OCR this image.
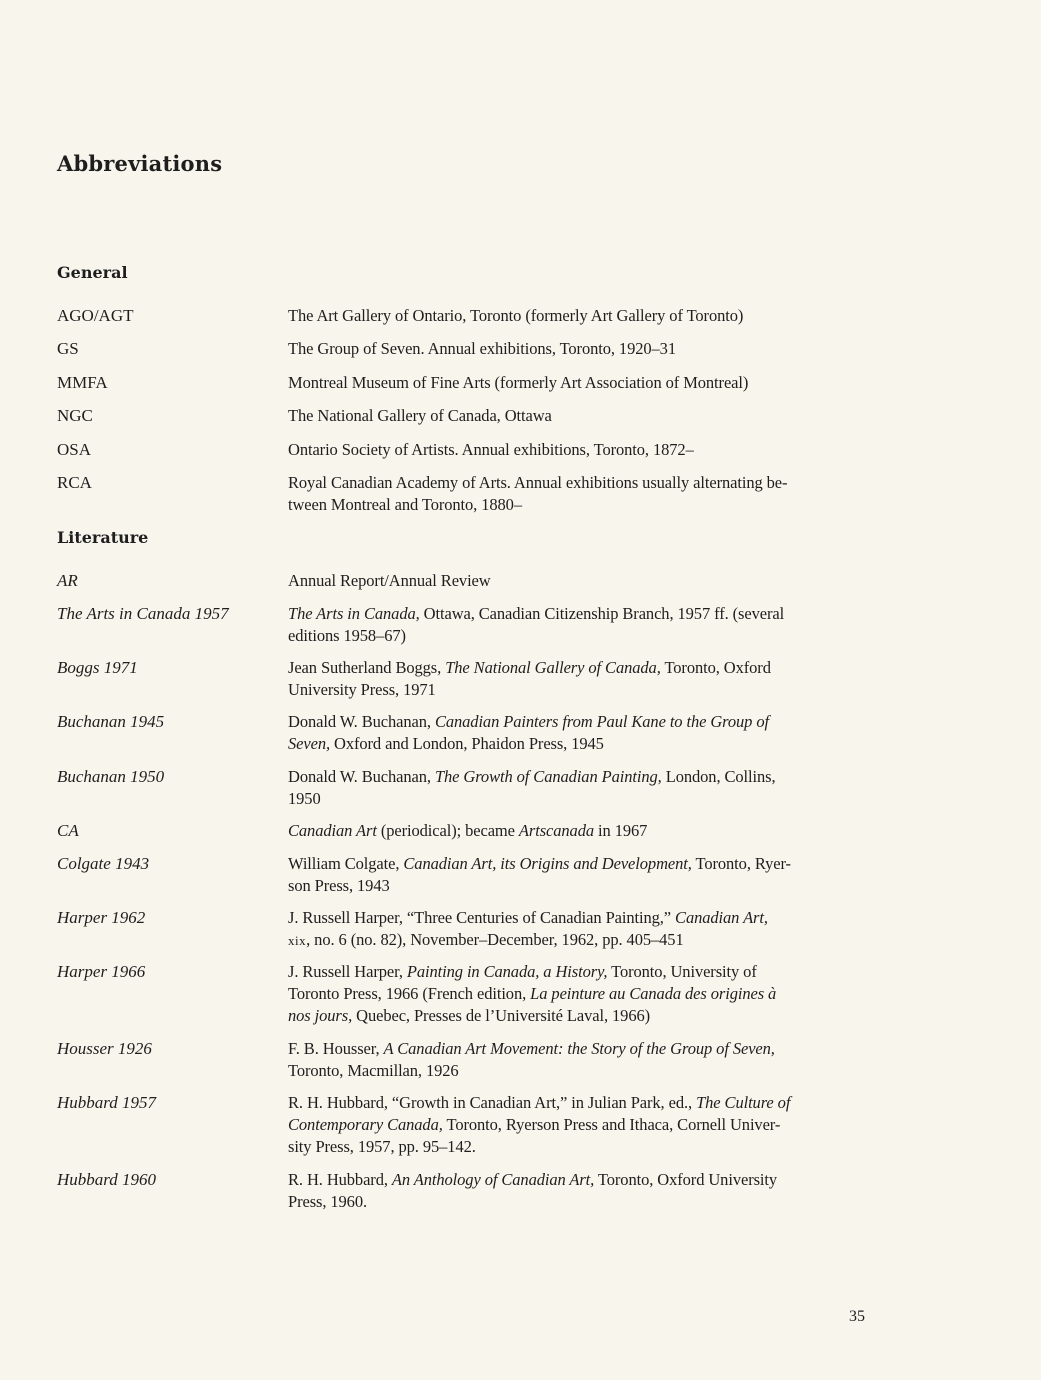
Abbreviations
General
AGO/AGT	The Art Gallery of Ontario, Toronto (formerly Art Gallery of Toronto)
GS	The Group of Seven. Annual exhibitions, Toronto, 1920–31
MMFA	Montreal Museum of Fine Arts (formerly Art Association of Montreal)
NGC	The National Gallery of Canada, Ottawa
OSA	Ontario Society of Artists. Annual exhibitions, Toronto, 1872–
RCA	Royal Canadian Academy of Arts. Annual exhibitions usually alternating be-
tween Montreal and Toronto, 1880–
Literature
AR	Annual Report/Annual Review
The Arts in Canada 1957	The Arts in Canada, Ottawa, Canadian Citizenship Branch, 1957 ff. (several
editions 1958–67)
Boggs 1971	Jean Sutherland Boggs, The National Gallery of Canada, Toronto, Oxford
University Press, 1971
Buchanan 1945	Donald W. Buchanan, Canadian Painters from Paul Kane to the Group of
Seven, Oxford and London, Phaidon Press, 1945
Buchanan 1950	Donald W. Buchanan, The Growth of Canadian Painting, London, Collins,
1950
CA	Canadian Art (periodical); became Artscanada in 1967
Colgate 1943	William Colgate, Canadian Art, its Origins and Development, Toronto, Ryer-
son Press, 1943
Harper 1962	J. Russell Harper, “Three Centuries of Canadian Painting,” Canadian Art,
xix, no. 6 (no. 82), November–December, 1962, pp. 405–451
Harper 1966	J. Russell Harper, Painting in Canada, a History, Toronto, University of
Toronto Press, 1966 (French edition, La peinture au Canada des origines à
nos jours, Quebec, Presses de l’Université Laval, 1966)
Housser 1926	F. B. Housser, A Canadian Art Movement: the Story of the Group of Seven,
Toronto, Macmillan, 1926
Hubbard 1957	R. H. Hubbard, “Growth in Canadian Art,” in Julian Park, ed., The Culture of
Contemporary Canada, Toronto, Ryerson Press and Ithaca, Cornell Univer-
sity Press, 1957, pp. 95–142.
Hubbard 1960	R. H. Hubbard, An Anthology of Canadian Art, Toronto, Oxford University
Press, 1960.
35
